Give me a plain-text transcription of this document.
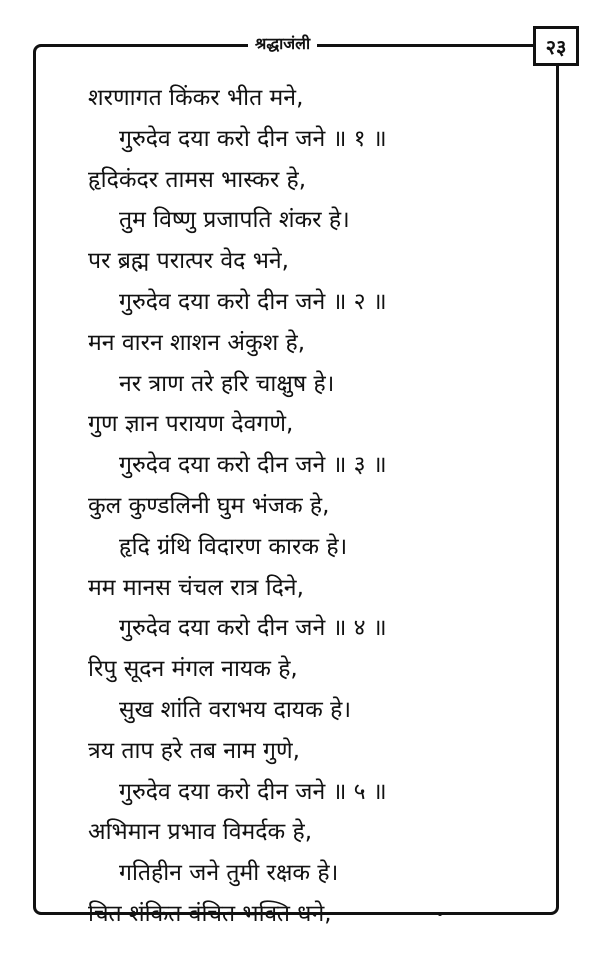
श्रद्धाजंली	२३
शरणागत किंकर भीत मने,
गुरुदेव दया करो दीन जने ॥ १ ॥
हृदिकंदर तामस भास्कर हे,
तुम विष्णु प्रजापति शंकर हे।
पर ब्रह्म परात्पर वेद भने,
गुरुदेव दया करो दीन जने ॥ २ ॥
मन वारन शाशन अंकुश हे,
नर त्राण तरे हरि चाक्षुष हे।
गुण ज्ञान परायण देवगणे,
गुरुदेव दया करो दीन जने ॥ ३ ॥
कुल कुण्डलिनी घुम भंजक हे,
हृदि ग्रंथि विदारण कारक हे।
मम मानस चंचल रात्र दिने,
गुरुदेव दया करो दीन जने ॥ ४ ॥
रिपु सूदन मंगल नायक हे,
सुख शांति वराभय दायक हे।
त्रय ताप हरे तब नाम गुणे,
गुरुदेव दया करो दीन जने ॥ ५ ॥
अभिमान प्रभाव विमर्दक हे,
गतिहीन जने तुमी रक्षक हे।
चित शंकित वंचित भक्ति धने,
